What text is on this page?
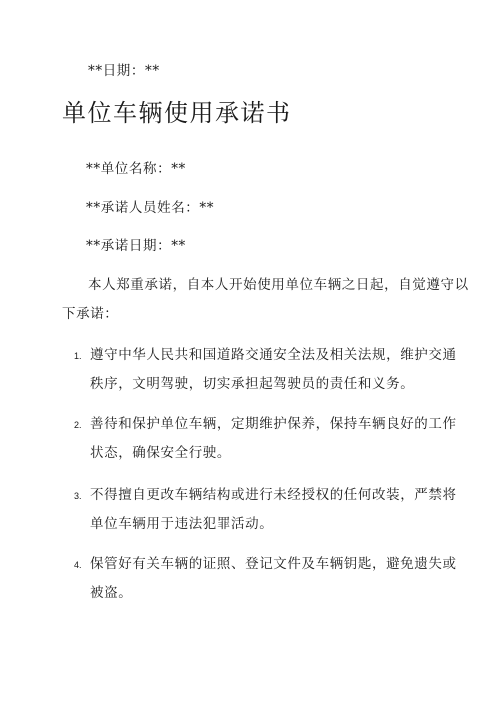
**日期：**
单位车辆使用承诺书
**单位名称：**
**承诺人员姓名：**
**承诺日期：**
本人郑重承诺，自本人开始使用单位车辆之日起，自觉遵守以
下承诺：
1. 遵守中华人民共和国道路交通安全法及相关法规，维护交通
秩序，文明驾驶，切实承担起驾驶员的责任和义务。
2. 善待和保护单位车辆，定期维护保养，保持车辆良好的工作
状态，确保安全行驶。
3. 不得擅自更改车辆结构或进行未经授权的任何改装，严禁将
单位车辆用于违法犯罪活动。
4. 保管好有关车辆的证照、登记文件及车辆钥匙，避免遗失或
被盗。
